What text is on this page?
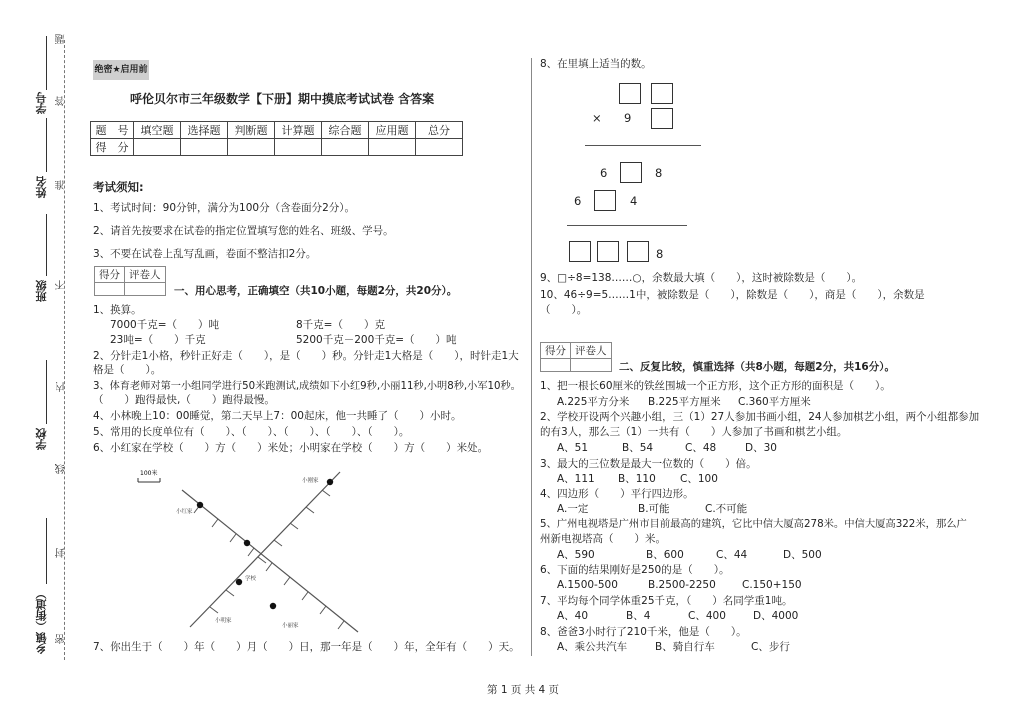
题
学号 答
姓名 准
班级 不
内
学校
线
封
乡镇（街道） 密
绝密★启用前
呼伦贝尔市三年级数学【下册】期中摸底考试试卷 含答案
题　号	填空题	选择题	判断题	计算题	综合题	应用题	总分
得　分							
考试须知:
1、考试时间：90分钟，满分为100分（含卷面分2分）。
2、请首先按要求在试卷的指定位置填写您的姓名、班级、学号。
3、不要在试卷上乱写乱画，卷面不整洁扣2分。
得分	评卷人

一、用心思考，正确填空（共10小题，每题2分，共20分）。
1、换算。
7000千克=（　　）吨	8千克=（　　）克
23吨=（　　）千克	5200千克－200千克=（　　）吨
2、分针走1小格，秒针正好走（　　），是（　　）秒。分针走1大格是（　　），时针走1大
格是（　　）。
3、体育老师对第一小组同学进行50米跑测试,成绩如下小红9秒,小丽11秒,小明8秒,小军10秒。
（　　）跑得最快,（　　）跑得最慢。
4、小林晚上10：00睡觉，第二天早上7：00起床，他一共睡了（　　）小时。
5、常用的长度单位有（　　）、（　　）、（　　）、（　　）、（　　）。
6、小红家在学校（　　）方（　　）米处；小明家在学校（　　）方（　　）米处。
100米
小刚家
小红家
学校
小明家
小丽家
7、你出生于（　　）年（　　）月（　　）日，那一年是（　　）年，全年有（　　）天。
8、在里填上适当的数。
× 9
6	8
6	4
8
9、□÷8=138……○，余数最大填（　　），这时被除数是（　　）。
10、46÷9=5……1中，被除数是（　　），除数是（　　），商是（　　），余数是
（　　）。
得分	评卷人

二、反复比较，慎重选择（共8小题，每题2分，共16分）。
1、把一根长60厘米的铁丝围城一个正方形，这个正方形的面积是（　　）。
A.225平方分米 B.225平方厘米 C.360平方厘米
2、学校开设两个兴趣小组，三（1）27人参加书画小组，24人参加棋艺小组，两个小组都参加
的有3人，那么三（1）一共有（　　）人参加了书画和棋艺小组。
A、51	B、54	C、48	D、30
3、最大的三位数是最大一位数的（　　）倍。
A、111 B、110 C、100
4、四边形（　　）平行四边形。
A.一定	B.可能	C.不可能
5、广州电视塔是广州市目前最高的建筑，它比中信大厦高278米。中信大厦高322米，那么广
州新电视塔高（　　）米。
A、590	B、600	C、44	D、500
6、下面的结果刚好是250的是（　　）。
A.1500-500	B.2500-2250 C.150+150
7、平均每个同学体重25千克，（　　）名同学重1吨。
A、40	B、4	C、400	D、4000
8、爸爸3小时行了210千米，他是（　　）。
A、乘公共汽车	B、骑自行车	C、步行
第 1 页 共 4 页
